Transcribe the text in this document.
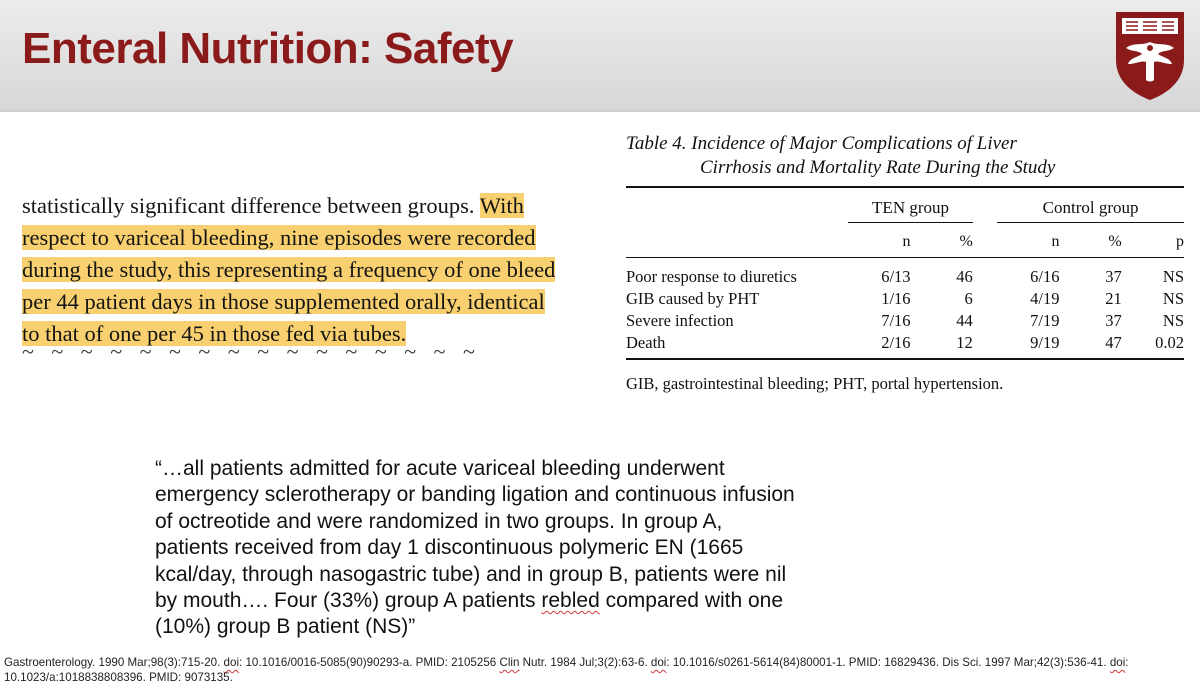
Enteral Nutrition: Safety
statistically significant difference between groups. With
respect to variceal bleeding, nine episodes were recorded
during the study, this representing a frequency of one bleed
per 44 patient days in those supplemented orally, identical
to that of one per 45 in those fed via tubes.
~ ~ ~ ~ ~ ~ ~ ~ ~ ~ ~ ~ ~ ~ ~ ~

Table 4. Incidence of Major Complications of Liver
Cirrhosis and Mortality Rate During the Study

	TEN group			Control group		
	n	%		n	%	p

Poor response to diuretics	6/13	46		6/16	37	NS
GIB caused by PHT	1/16	6		4/19	21	NS
Severe infection	7/16	44		7/19	37	NS
Death	2/16	12		9/19	47	0.02
GIB, gastrointestinal bleeding; PHT, portal hypertension.
“…all patients admitted for acute variceal bleeding underwent
emergency sclerotherapy or banding ligation and continuous infusion
of octreotide and were randomized in two groups. In group A,
patients received from day 1 discontinuous polymeric EN (1665
kcal/day, through nasogastric tube) and in group B, patients were nil
by mouth…. Four (33%) group A patients rebled compared with one
(10%) group B patient (NS)”
Gastroenterology. 1990 Mar;98(3):715-20. doi: 10.1016/0016-5085(90)90293-a. PMID: 2105256 Clin Nutr. 1984 Jul;3(2):63-6. doi: 10.1016/s0261-5614(84)80001-1. PMID: 16829436. Dis Sci. 1997 Mar;42(3):536-41. doi: 10.1023/a:1018838808396. PMID: 9073135.
